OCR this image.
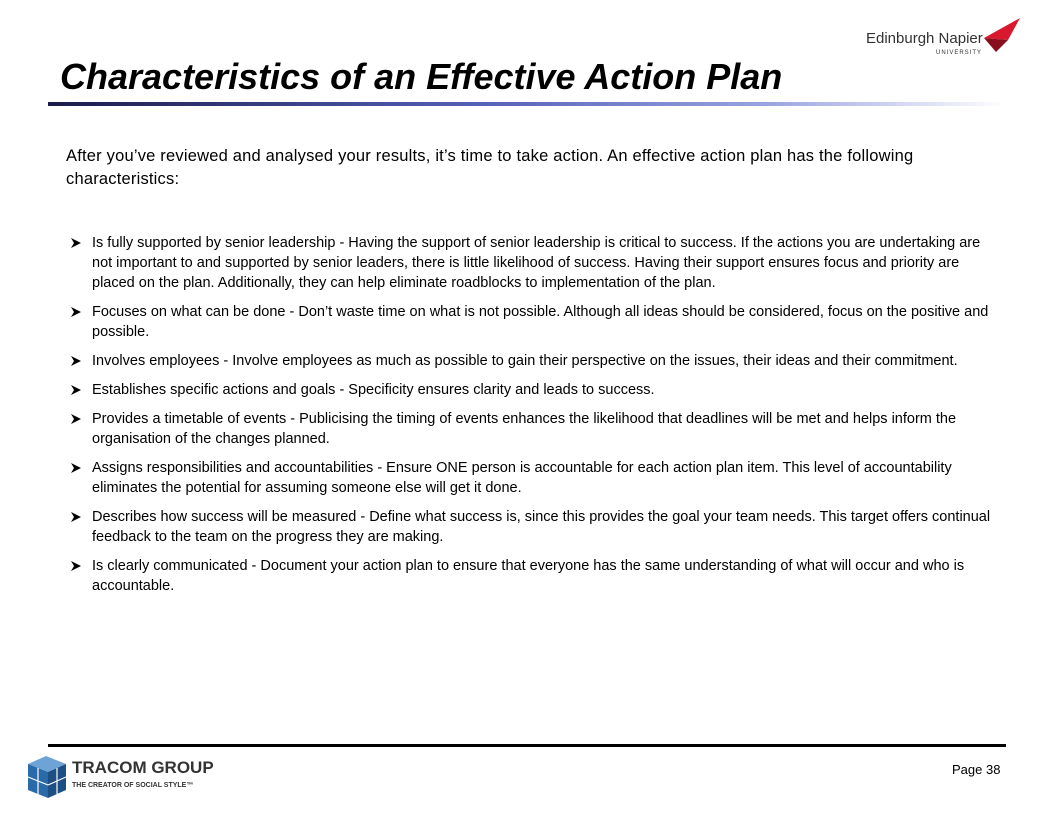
Edinburgh Napier
UNIVERSITY
Characteristics of an Effective Action Plan

After you’ve reviewed and analysed your results, it’s time to take action. An effective action plan has the following characteristics:

Is fully supported by senior leadership - Having the support of senior leadership is critical to success. If the actions you are undertaking are not important to and supported by senior leaders, there is little likelihood of success. Having their support ensures focus and priority are placed on the plan. Additionally, they can help eliminate roadblocks to implementation of the plan.
Focuses on what can be done - Don’t waste time on what is not possible. Although all ideas should be considered, focus on the positive and possible.
Involves employees - Involve employees as much as possible to gain their perspective on the issues, their ideas and their commitment.
Establishes specific actions and goals - Specificity ensures clarity and leads to success.
Provides a timetable of events - Publicising the timing of events enhances the likelihood that deadlines will be met and helps inform the organisation of the changes planned.
Assigns responsibilities and accountabilities - Ensure ONE person is accountable for each action plan item. This level of accountability eliminates the potential for assuming someone else will get it done.
Describes how success will be measured - Define what success is, since this provides the goal your team needs. This target offers continual feedback to the team on the progress they are making.
Is clearly communicated - Document your action plan to ensure that everyone has the same understanding of what will occur and who is accountable.
TRACOM GROUP
THE CREATOR OF SOCIAL STYLE™
Page 38
